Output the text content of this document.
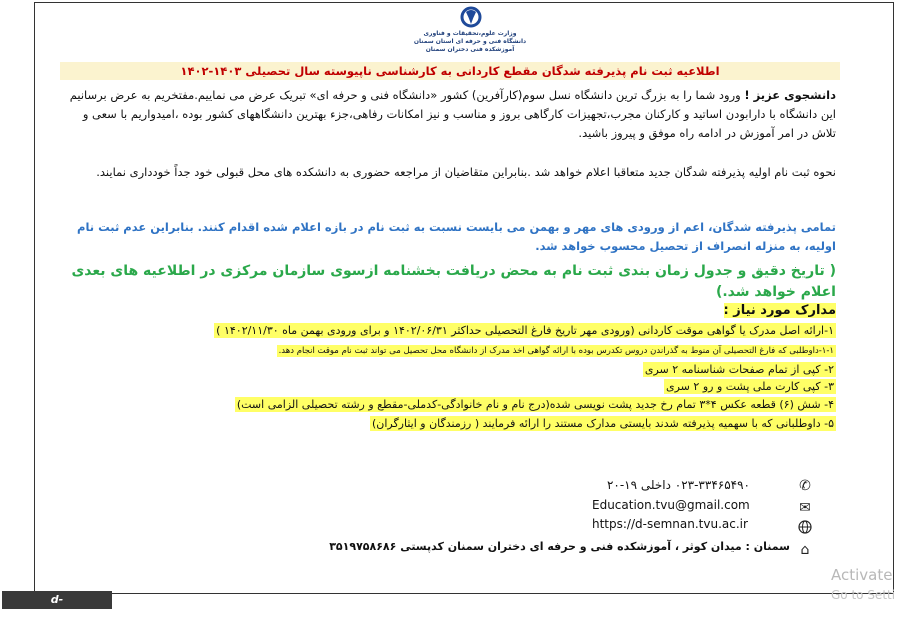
وزارت علوم،تحقیقات و فناوری
دانشگاه فنی و حرفه ای استان سمنان
آموزشکده فنی دختران سمنان
اطلاعیه ثبت نام پذیرفته شدگان مقطع کاردانی به کارشناسی ناپیوسته سال تحصیلی ۱۴۰۳-۱۴۰۲
دانشجوی عزیز ! ورود شما را به بزرگ ترین دانشگاه نسل سوم(کارآفرین) کشور «دانشگاه فنی و حرفه ای» تبریک عرض می نماییم.مفتخریم به عرض برسانیم این دانشگاه با دارابودن اساتید و کارکنان مجرب،تجهیزات کارگاهی بروز و مناسب و نیز امکانات رفاهی،جزء بهترین دانشگاههای کشور بوده ،امیدواریم با سعی و تلاش در امر آموزش در ادامه راه موفق و پیروز باشید.
نحوه ثبت نام اولیه پذیرفته شدگان جدید متعاقبا اعلام خواهد شد .بنابراین متقاضیان از مراجعه حضوری به دانشکده های محل قبولی خود جداً خودداری نمایند.
تمامی پذیرفته شدگان، اعم از ورودی های مهر و بهمن می بایست نسبت به ثبت نام در بازه اعلام شده اقدام کنند. بنابراین عدم ثبت نام اولیه، به منزله انصراف از تحصیل محسوب خواهد شد.
( تاریخ دقیق و جدول زمان بندی ثبت نام به محض دریافت بخشنامه ازسوی سازمان مرکزی در اطلاعیه های بعدی اعلام خواهد شد.)
مدارک مورد نیاز :
۱-ارائه اصل مدرک یا گواهی موقت کاردانی (ورودی مهر تاریخ فارغ التحصیلی حداکثر ۱۴۰۲/۰۶/۳۱ و برای ورودی بهمن ماه ۱۴۰۲/۱۱/۳۰ )
۱-۱-داوطلبی که فارغ التحصیلی آن منوط به گذراندن دروس تکدرس بوده با ارائه گواهی اخذ مدرک از دانشگاه محل تحصیل می تواند ثبت نام موقت انجام دهد.
۲- کپی از تمام صفحات شناسنامه ۲ سری
۳- کپی کارت ملی پشت و رو ۲ سری
۴- شش (۶) قطعه عکس ۴*۳ تمام رخ جدید پشت نویسی شده(درج نام و نام خانوادگی-کدملی-مقطع و رشته تحصیلی الزامی است)
۵- داوطلبانی که با سهمیه پذیرفته شدند بایستی مدارک مستند را ارائه فرمایند ( رزمندگان و ایثارگران)
✆
۰۲۳-۳۳۴۶۵۴۹۰ داخلی ۱۹-۲۰
✉
Education.tvu@gmail.com
https://d-semnan.tvu.ac.ir
⌂
سمنان : میدان کوثر ، آموزشکده فنی و حرفه ای دختران سمنان کدپستی ۳۵۱۹۷۵۸۶۸۶
Activate
Go to Setti
d-semnan.tvu.ac.ir
